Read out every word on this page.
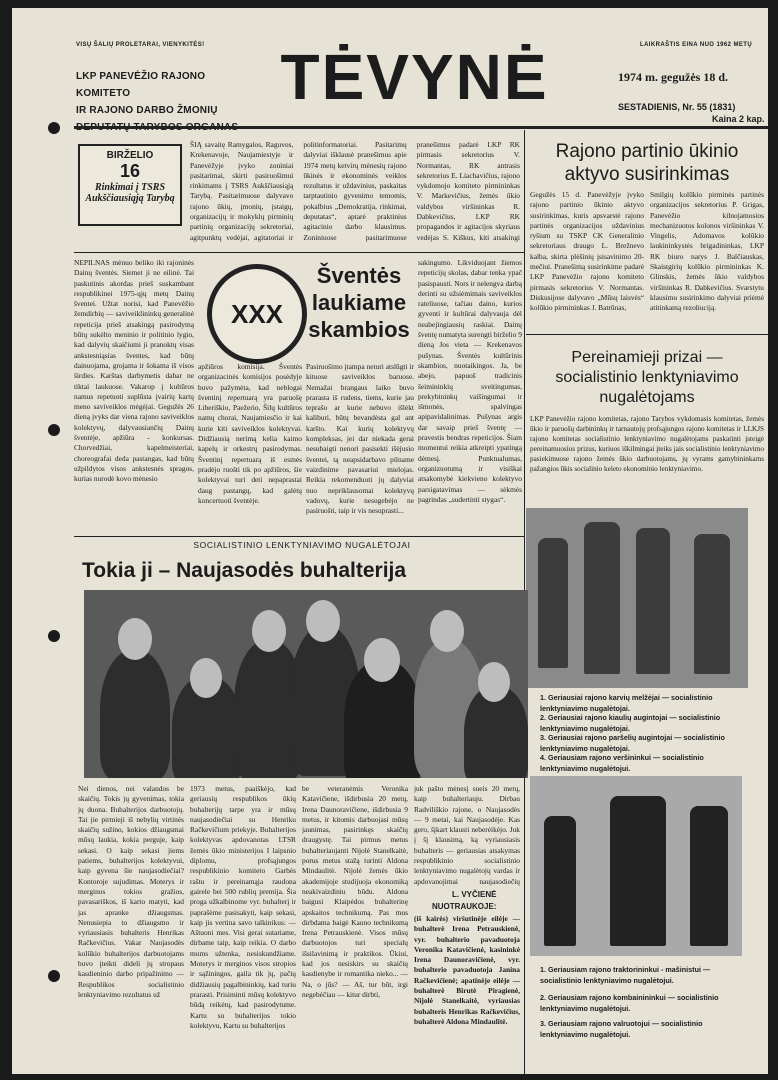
VISŲ ŠALIŲ PROLETARAI, VIENYKITĖS!	LAIKRAŠTIS EINA NUO 1962 METŲ
LKP PANEVĖŽIO RAJONO KOMITETO
IR RAJONO DARBO ŽMONIŲ TĖVYNĖ	1974 m. gegužės 18 d.
SESTADIENIS, Nr. 55 (1831)
Kaina 2 kap.
BIRŽELIO
16
Rinkimai į TSRS Aukščiausiąją Tarybą
ŠIĄ savaitę Ramygalos, Raguvos, Krekenavoje, Naujamiestyje ir Panevėžyje įvyko zoniniai pasitarimai, skirti pasiruošimui rinkimams į TSRS Aukščiausiąją Tarybą. Pasitarimuose dalyvavo rajono ūkių, įmonių, įstaigų, organizacijų ir mokyklų pirminių partinių organizacijų sekretoriai, agitpunktų vedėjai, agitatoriai ir politinformatoriai. Pasitarimų dalyviai išklausė pranešimus apie 1974 metų ketvirų mėnesių rajono ūkinės ir ekonominės veiklos rezultatus ir uždavinius, paskaitas tarptautinio gyvenimo temomis, pokalbius „Demokratija, rinkimai, deputatas“, aptarė praktinius agitacinio darbo klausimus. Zoniniuose pasitarimuose pranešimus padarė LKP RK pirmasis sekretorius V. Normantas, RK antrasis sekretorius E. Liachavičius, rajono vykdomojo komiteto pirmininkas V. Markevičius, žemės ūkio valdybos viršininkas R. Dabkevičius, LKP RK propagandos ir agitacijos skyriaus vedėjas S. Kiškus, kiti atsakingi
NEPILNAS mėnuo beliko iki rajoninės Dainų šventės. Siemet ji ne eilinė. Tai paskutinis akordas prieš suskambant respublikinei 1975-ųjų metų Dainų šventei. Užtat norisi, kad Panevėžio žemdirbių — saviveiklininkų generalinė repeticija prieš atsakingą pasirodymą būtų sukėlto meninio ir politinio lygio, kad dalyvių skaičiumi ji pranoktų visas ankstesniąsias šventes, kad būtų dainuojama, grojama ir šokama iš visos širdies. Karštas darbymetis dabar ne tiktai laukuose. Vakarop į kultūros namus repetuoti suplūsta įvairių kartų meno saviveiklos mėgėjai. Gegužės 26 dieną įvyks dar viena rajono saviveiklos kolektyvų, dalyvausiančių Dainų šventėje, apžiūra - konkursas. Chorvedžiai, kapelmeisteriai, choreografai deda pastangas, kad būtų užpildytos visos ankstesnės spragos, kurias nurodė kovo mėnesio
XXX
Šventės laukiame skambios
apžiūros komisija. Šventės organizacinės komisijos posėdyje buvo pažymėta, kad neblogai šventinį repertuarą yra paruošę Liberiškio, Paežerio, Šilų kultūros namų chorai, Naujamiesčio ir kai kurie kiti saviveiklos kolektyvai. Didžiausią nerimą kelia kaimo kapelų ir orkestrų pasirodymas. Šventinį repertuarą iš esmės pradėjo ruošti tik po apžiūros, šie kolektyvai turi deti nepaprastai daug pastangų, kad galėtų koncertuoti šventėje.
Pasiruošimo įtampa neturi atslūgti ir kituose saviveiklos baruose. Nemažai brangaus laiko buvo prarasta iš rudens, tiems, kurie jau teprašo ar kurie nebuvo išlėkt kaliburi, būtų bevandėsta gal ant karšto. Kai kurių kolektyvų kompleksas, jei dar niekada gerai nesubaigti nenori pasisekti išėjusio šventei, tą neapsidarbavo pilname vaizdinime pavasariui mielojas. Reikia rekomenduoti jų dalyviai nuo nepriklausomai kolektyvų vadovų, kurie nesugebėjo ne pasiruošti, taip ir vis nesuprasti...
sakingumo. Likviduojant žiemos repeticijų skolas, dabar tenka ypač pasispausti. Nors ir nelengva darbą derinti su užsiėmimais saviveiklos rateliuose, tačiau daino, kurios gyventi ir kultūrai dalyvauja dėl neabejingiausių raskiai. Dainų šventę numatyta surengti birželio 9 dieną Jos vieta — Krekenavos pušynas. Šventės kultūrinis skambios, nuotaikingos. Ja, be abejo, papuoš tradicinis šeimininkių sveitingumas, prekybininkų vaišingumai ir išmonės, spalvingas apipavidalinimas. Pušynas argis dar savaip prieš šventę — pravestis bendras repeticijos. Šiam momentui reikia atkreipti ypatingą dėmesį. Punktualumas, organizuotumą ir visiškai atsakomybė kiekvieno kolektyvo parsigatavimas — sėkmės pagrindas „sudertinti stygas“.
Rajono partinio ūkinio aktyvo susirinkimas
Gegužės 15 d. Panevėžyje įvyko rajono partinio ūkinio aktyvo susirinkimas, kuris apsvarstė rajono partinės organizacijos uždavinius ryšium su TSKP CK Generalinio sekretoriaus draugo L. Brežnevo kalba, skirta plėšinių įsisavinimo 20-mečiui. Pranešimą susirinkime padarė LKP Panevėžio rajono komiteto pirmasis sekretorius V. Normantas. Diskusijose dalyvavo „Mūsų laisvės“ kolūkio pirmininkas J. Batrūnas,
Smilgių kolūkio pirminės partinės organizacijos sekretorius P. Grigas, Panevėžio kilnojamosios mechanizuotos kolonos viršininkas V. Vingelis, Adomavos kolūkio laukininkystės brigadininkas, LKP RK biuro narys J. Balčiauskas, Skaistgirių kolūkio pirmininkas K. Glinskis, žemės ūkio valdybos viršininkas R. Dabkevičius. Svarstytu klausimu susirinkimo dalyviai priėmė atitinkamą rezoliuciją.
Pereinamieji prizai — socialistinio lenktyniavimo nugalėtojams
LKP Panevėžio rajono komitetas, rajono Tarybos vykdomasis komitetas, žemės ūkio ir paruošų darbininkų ir tarnautojų profsąjungos rajono komitetas ir LLKJS rajono komitetas socialistinio lenktyniavimo nugalėtojams paskatinti įsteigė pereinamuosius prizus, kuriuos iškilmingai įteiks jais socialistinio lenktyniavimo pasiekimuose rajono žemės ūkio darbuotojams, jų vyrams gamybininkams pažangios ūkis socialinio keleto ekonominio lenktyniavimo.
1. Geriausiai rajono karvių melžėjai — socialistinio lenktyniavimo nugalėtojai.
2. Geriausiai rajono kiaulių augintojai — socialistinio lenktyniavimo nugalėtojai.
3. Geriausiai rajono paršelių augintojai — socialistinio lenktyniavimo nugalėtojai.
4. Geriausiam rajono veršininkui — socialistinio lenktyniavimo nugalėtojui.
1. Geriausiam rajono traktorininkui - mašinistui — socialistinio lenktyniavimo nugalėtojui.
2. Geriausiam rajono kombainininkui — socialistinio lenktyniavimo nugalėtojui.
3. Geriausiam rajono valruotojui — socialistinio lenktyniavimo nugalėtojui.
SOCIALISTINIO LENKTYNIAVIMO NUGALĖTOJAI
Tokia ji – Naujasodės buhalterija
Nei dienos, nei valandos be skaičių. Tokis jų gyvenimas, tokia jų duona. Buhalterijos darbuotojų. Tai jie pirmieji iš nebylių virtinės skaičių sužino, kokios džiaugsmai mūsų laukia, kokia perguje, kaip sekasi. O kaip sekasi jiems patiems, buhalterijos kolektyvui, kaip gyvena šie naujasodiečiai? Kontoroje sujudimas. Moterys ir merginos tokios gražios, pavasariškos, iš karto matyti, kad jas apranke džiaugsmas. Nenusiepia to džiaugsmo ir vyriausiasis buhalteris Henrikas Račkevičius. Vakar Naujasodės kolūkio buhalterijos darbuotojams buvo įteikti dideli jų stropaus kasdieninio darbo pripažinimo — Respublikos socialistinio lenktyniavimo rezultatus už
1973 metus, paaiškėjo, kad geriausių respublikos ūkių buhalterijų tarpe yra ir mūsų naujasodiečiai su Henriku Račkevičium priekyje. Buhalterijos kolektyvas apdovanotas LTSR žemės ūkio ministerijos I laipsnio diplomu, profsąjungos respublikinio komiteto Garbės raštu ir pereinamąja raudona gairele bei 500 rublių premija. Šia proga užkalbinome vyr. buhalterį ir paprašėme pasisakyti, kaip sekasi, kaip jis vertina savo talkinikus: — Aštuoni mes. Visi gerai sutariame, dirbame taip, kaip reikia. O darbo mums užtenka, nesiskundžiame. Moterys ir merginos visos stropios ir sąžiningos, gaila tik jų, pačių didžiausių pagalbininkių, kad turiu prarasti. Prisiminti mūsų kolektyvo būdą reikėtų, kad pasirodytume. Kartu su buhalterijos tokio kolektyvu, Kartu su buhalterijos
be veteranėmis Veronika Katavičiene, išdirbusia 20 metų, Irena Daunoravičiene, išdirbusia 9 metus, ir kitomis darbuojasi mūsų jaunimas, pasirinkęs skaičių draugystę. Tai pirmus metus buhalteriaujanti Nijolė Stanelkaitė, porus metus stažą turinti Aldona Mindaulitė. Nijolė žemės ūkio akademijoje studijuoja ekonomiką neakivaizdiniu būdu. Aldona baigusi Klaipėdos buhalterinę apskaitos technikumą. Pas mus dirbdama baigė Kauno technikumą Irena Petrauskienė. Visos mūsų darbuotojos turi specialų išsilavinimą ir praktikos. Ūkiui, kad jos nesiskirs su skaičių kasdienybe ir romantika nieko... — Na, o jūs? — Aš, tur būt, irgi negebėčiau — kitur dirbti,
juk pašto mėnesį sueis 20 metų, kaip buhalteriauju. Dirbau Radviliškio rajone, o Naujasodės — 9 metai, kai Naujasodėje. Kas gero, šįkart klausti neberėikėjo. Juk į šį klausimą, ką vyriausiasis buhalteris — geriausias atsakymas respublikinio socialistinio lenktyniavimo nugalėtojų vardas ir apdovanojimai naujasodiečių
L. VYČIENĖ
NUOTRAUKOJE:
(iš kairės) viršutinėje eilėje — buhalterė Irena Petrauskienė, vyr. buhalterio pavaduotoja Veronika Katavičienė, kasininkė Irena Daunoravičienė, vyr. buhalterio pavaduotoja Janina Račkevičienė; apatinėje eilėje — buhalterė Birutė Piragienė, Nijolė Stanelkaitė, vyriausias buhalteris Henrikas Račkevičius, buhalterė Aldona Mindaulitė.
